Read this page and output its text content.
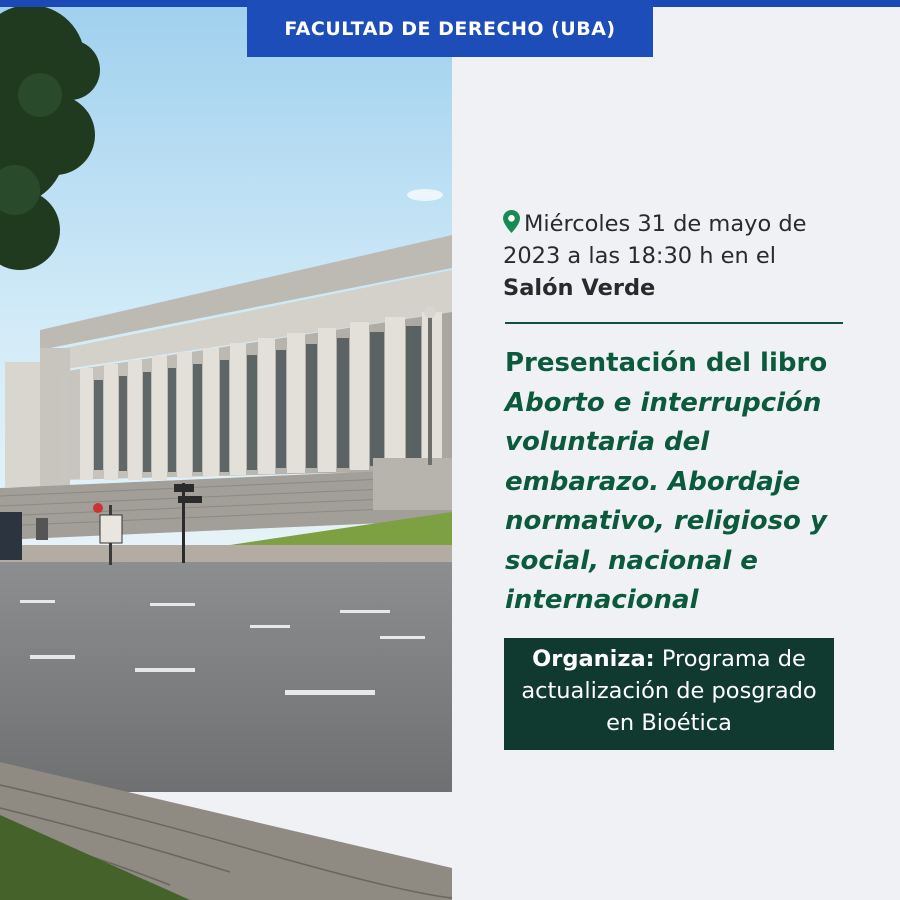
FACULTAD DE DERECHO (UBA)
Miércoles 31 de mayo de 2023 a las 18:30 h en el
Salón Verde
Presentación del libro
Aborto e interrupción voluntaria del embarazo. Abordaje normativo, religioso y social, nacional e internacional
Organiza: Programa de actualización de posgrado en Bioética
